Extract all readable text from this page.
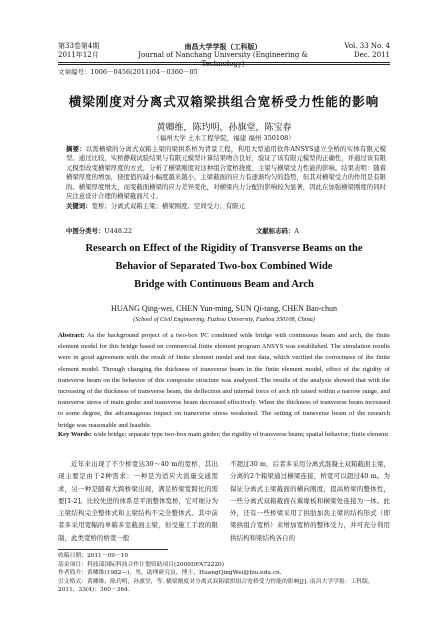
第33卷第4期
2011年12月
南昌大学学报（工科版）
Journal of Nanchang University (Engineering & Technology)
Vol. 33 No. 4
Dec. 2011
文章编号：1006－0456(2011)04－0360－05
横梁刚度对分离式双箱梁拱组合宽桥受力性能的影响
黄卿维，陈玓明，孙旗堂，陈宝春
（福州大学 土木工程学院，福建 福州 350108）

摘要：以需横梁的分离式双箱主梁的梁拱系桥为背景工程，利用大型通用软件ANSYS建立全桥的实体有限元模型。通过比较，实桥静载试验结果与有限元模型计算结果吻合良好，验证了该有限元模型的正确性，并通过该有限元模型改变横梁厚度的方式，分析了横梁刚度对这种组合宽桥挠度、主梁与横梁受力性能的影响。结果表明：随着横梁厚度的增加，挠度值的减小幅度越来越小，主梁截面的应力有逐渐均匀的趋势，但其对横梁受力的作用是有限的。横梁厚度增大，而变截面横梁的应力差异变化，对横梁内力分配的影响较为显著，因此在加强横梁刚度的同时应注意设计合理的横梁截面尺寸。

关键词：宽桥；分离式双箱主梁；横梁刚度；空间受力；有限元

中图分类号：U448.22	文献标志码：A
Research on Effect of the Rigidity of Transverse Beams on the
Behavior of Separated Two-box Combined Wide
Bridge with Continuous Beam and Arch
HUANG Qing-wei, CHEN Yun-ming, SUN Qi-tang, CHEN Bao-chun
(School of Civil Engineering, Fuzhou University, Fuzhou 350108, China)
Abstract: As the background project of a two-box PC combined wide bridge with continuous beam and arch, the finite element model for this bridge based on commercial finite element program ANSYS was established. The simulation results were in good agreement with the result of finite element model and test data, which verified the correctness of the finite element model. Through changing the thickness of transverse beam in the finite element model, effect of the rigidity of transverse beam on the behavior of this composite structure was analyzed. The results of the analysis showed that with the increasing of the thickness of transverse beam, the deflection and internal force of arch rib raised within a narrow range, and transverse stress of main girder and transverse beam decreased effectively. When the thickness of transverse beam increased to some degree, the advantageous impact on transverse stress weakened. The setting of transverse beam of the research bridge was reasonable and feasible.
Key Words: wide bridge; separate type two-box main girder; the rigidity of transverse beam; spatial behavior; finite element
近年来出现了不少桥宽达30～40 m的宽桥，其出现主要是由于2种需求：一种是为适应大流量交通需求，另一种是随着大跨桥梁出现，满足桥梁宽跨比的需要[1-2]。比较先进的体系是平面整体宽桥，它可细分为主梁结构完全整体式和主梁结构不完全整体式。其中前者多采用宽幅的单箱多室截面主梁，但受施工手段的限制，此类宽桥的桥宽一般
不超过30 m，后者多采用分离式混凝土双箱截面主梁，分离的2个箱梁通过横梁连接，桥宽可以超过40 m。为保证分离式主梁截面的横向刚度，提高桥梁的整体性，一些分离式双箱截面在翼缘板和横梁处连接为一体。此外，还有一些桥梁采用了拱肋加劲主梁的结构形式（即梁拱组合宽桥）来增加宽桥的整体受力，并可充分利用拱结构和梁结构各自的
收稿日期：2011－09－10
基金项目：科技部国际科技合作计划资助项目(2009DFA72220)
作者简介：黄卿维(1982—)，男，助理研究员，博士，HuangQingWei@fzu.edu.cn.
引文格式：黄卿维，陈玓明，孙旗堂，等. 横梁刚度对分离式双箱梁拱组合宽桥受力性能的影响[J]. 南昌大学学报：工科版，2011，33(4)：360－364.
